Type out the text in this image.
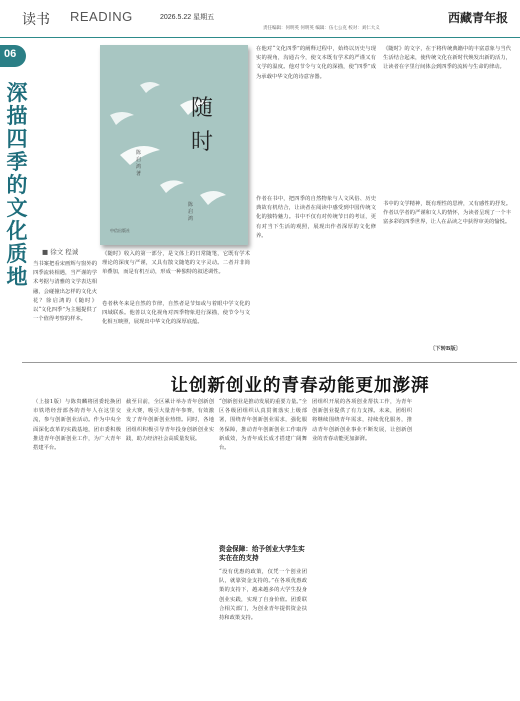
读书 READING	2026.5.22 星期五	西藏青年报
责任编辑：何明英 何明英 编辑：伍七公克 校对：刘仁大义
06
深描四季的文化质地
随时
陈启鸿 著
陈启鸿
中信出版社
■ 徐文 程诚
当书案把看宋画辉与窗外的四季流转相遇，当严谨的学术考据与清雅的文学表达相融，会碰撞出怎样的文化火花？徐启鸿的《随时》以“文化四季”为主题提供了一个值得考察的样本。
《随时》收入的第一部分，是文体上的日常随笔，它既有学术理论的深度与严谨，又具有散文随笔的文字灵动。二者并非简单叠加，而是有机互动，形成一种独特的叙述调性。
卷者秋冬来是自然的节律，自然者是节知或与着眼中学文化的四域联系。他善以文化视角对四季物象进行深描，使节令与文化相互映照，展现出中华文化的深厚底蕴。
在他对“文化四季”的阐释过程中，始终以历史与现实的视角，沟通古今，使文本既有学术的严谨又有文学的温度。他对节令与文化的深描，使“四季”成为承载中华文化的诗意容器。
作者在书中，把四季的自然物象与人文风俗、历史典故有机结合，让读者在阅读中感受到中国传统文化的独特魅力。书中不仅有对传统节日的考证，更有对当下生活的观照，展现出作者深厚的文化修养。
《随时》的文字，在于将传统典籍中的丰富意象与当代生活结合起来，使传统文化在新时代焕发出新的活力，让读者在字里行间体会到四季的流转与生命的律动。
书中的文学精神，既有理性的思辨，又有感性的抒发。作者以学者的严谨和文人的情怀，为读者呈现了一个丰富多彩的四季世界，让人在品读之中获得审美的愉悦。
〔下转B版〕
让创新创业的青春动能更加澎湃
（上接1版）与陈贵麟将团委轮换团市铁塔经营部各的青年人在这里交流，参与创新创业活动。作为中央全面深化改革的实践基地，团市委积极推进青年创新创业工作，为广大青年搭建平台。
截至目前，全区累计举办青年创新创业大赛，吸引大量青年参赛，有效激发了青年创新创业热情。同时，各地团组织积极引导青年投身创新创业实践，助力经济社会高质量发展。
“创新创业是推动发展的重要力量。”全区各级团组织认真贯彻落实上级部署，围绕青年创新创业需求，强化服务保障，推动青年创新创业工作取得新成效，为青年成长成才搭建广阔舞台。
资金保障：给予创业大学生实实在在的支持
“没有优惠的政策，仅凭一个创业团队，就靠资金支持的。”在各项优惠政策的支持下，越来越多的大学生投身创业实践，实现了自身价值。团委联合相关部门，为创业青年提供资金扶持和政策支持。
团组织开展的各项创业帮扶工作，为青年创新创业提供了有力支撑。未来，团组织将继续围绕青年需求，持续优化服务，推动青年创新创业事业不断发展，让创新创业的青春动能更加澎湃。
